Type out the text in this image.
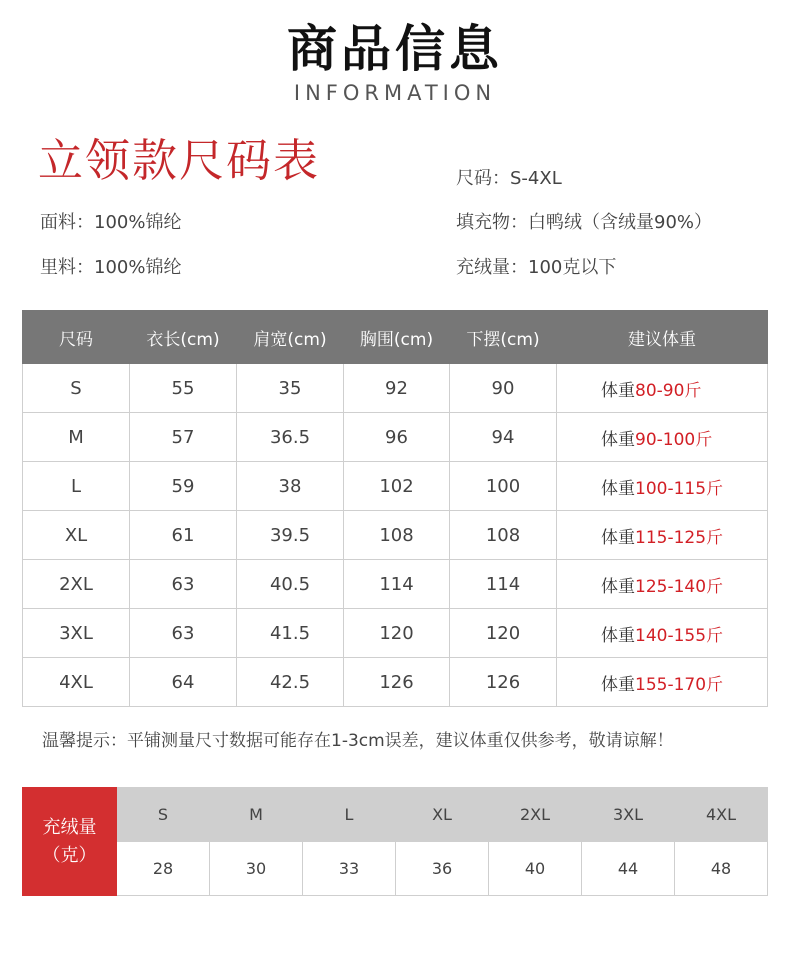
商品信息
INFORMATION
立领款尺码表	尺码：S-4XL
面料：100%锦纶	填充物：白鸭绒（含绒量90%）
里料：100%锦纶	充绒量：100克以下
尺码	衣长(cm)	肩宽(cm)	胸围(cm)	下摆(cm)	建议体重
S	55	35	92	90	体重80-90斤
M	57	36.5	96	94	体重90-100斤
L	59	38	102	100	体重100-115斤
XL	61	39.5	108	108	体重115-125斤
2XL	63	40.5	114	114	体重125-140斤
3XL	63	41.5	120	120	体重140-155斤
4XL	64	42.5	126	126	体重155-170斤
温馨提示：平铺测量尺寸数据可能存在1-3cm误差，建议体重仅供参考，敬请谅解！
充绒量
（克）	S	M	L	XL	2XL	3XL	4XL
	28	30	33	36	40	44	48
